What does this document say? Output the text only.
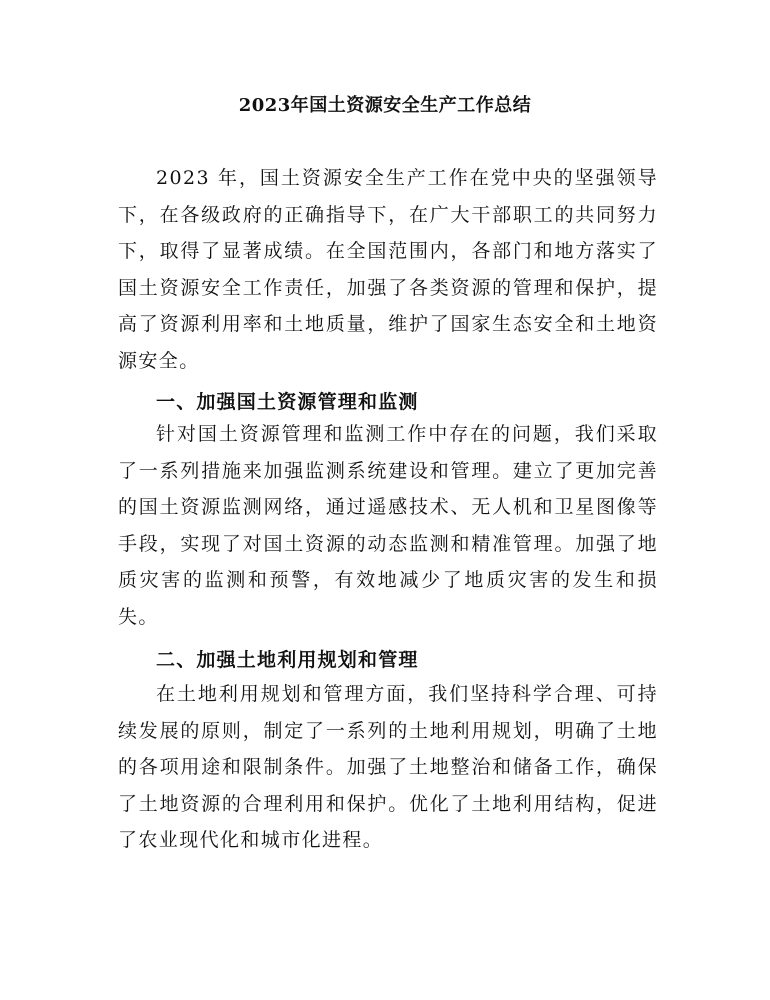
2023年国土资源安全生产工作总结

2023 年，国土资源安全生产工作在党中央的坚强领导下，在各级政府的正确指导下，在广大干部职工的共同努力下，取得了显著成绩。在全国范围内，各部门和地方落实了国土资源安全工作责任，加强了各类资源的管理和保护，提高了资源利用率和土地质量，维护了国家生态安全和土地资源安全。

一、加强国土资源管理和监测

针对国土资源管理和监测工作中存在的问题，我们采取了一系列措施来加强监测系统建设和管理。建立了更加完善的国土资源监测网络，通过遥感技术、无人机和卫星图像等手段，实现了对国土资源的动态监测和精准管理。加强了地质灾害的监测和预警，有效地减少了地质灾害的发生和损失。

二、加强土地利用规划和管理

在土地利用规划和管理方面，我们坚持科学合理、可持续发展的原则，制定了一系列的土地利用规划，明确了土地的各项用途和限制条件。加强了土地整治和储备工作，确保了土地资源的合理利用和保护。优化了土地利用结构，促进了农业现代化和城市化进程。
